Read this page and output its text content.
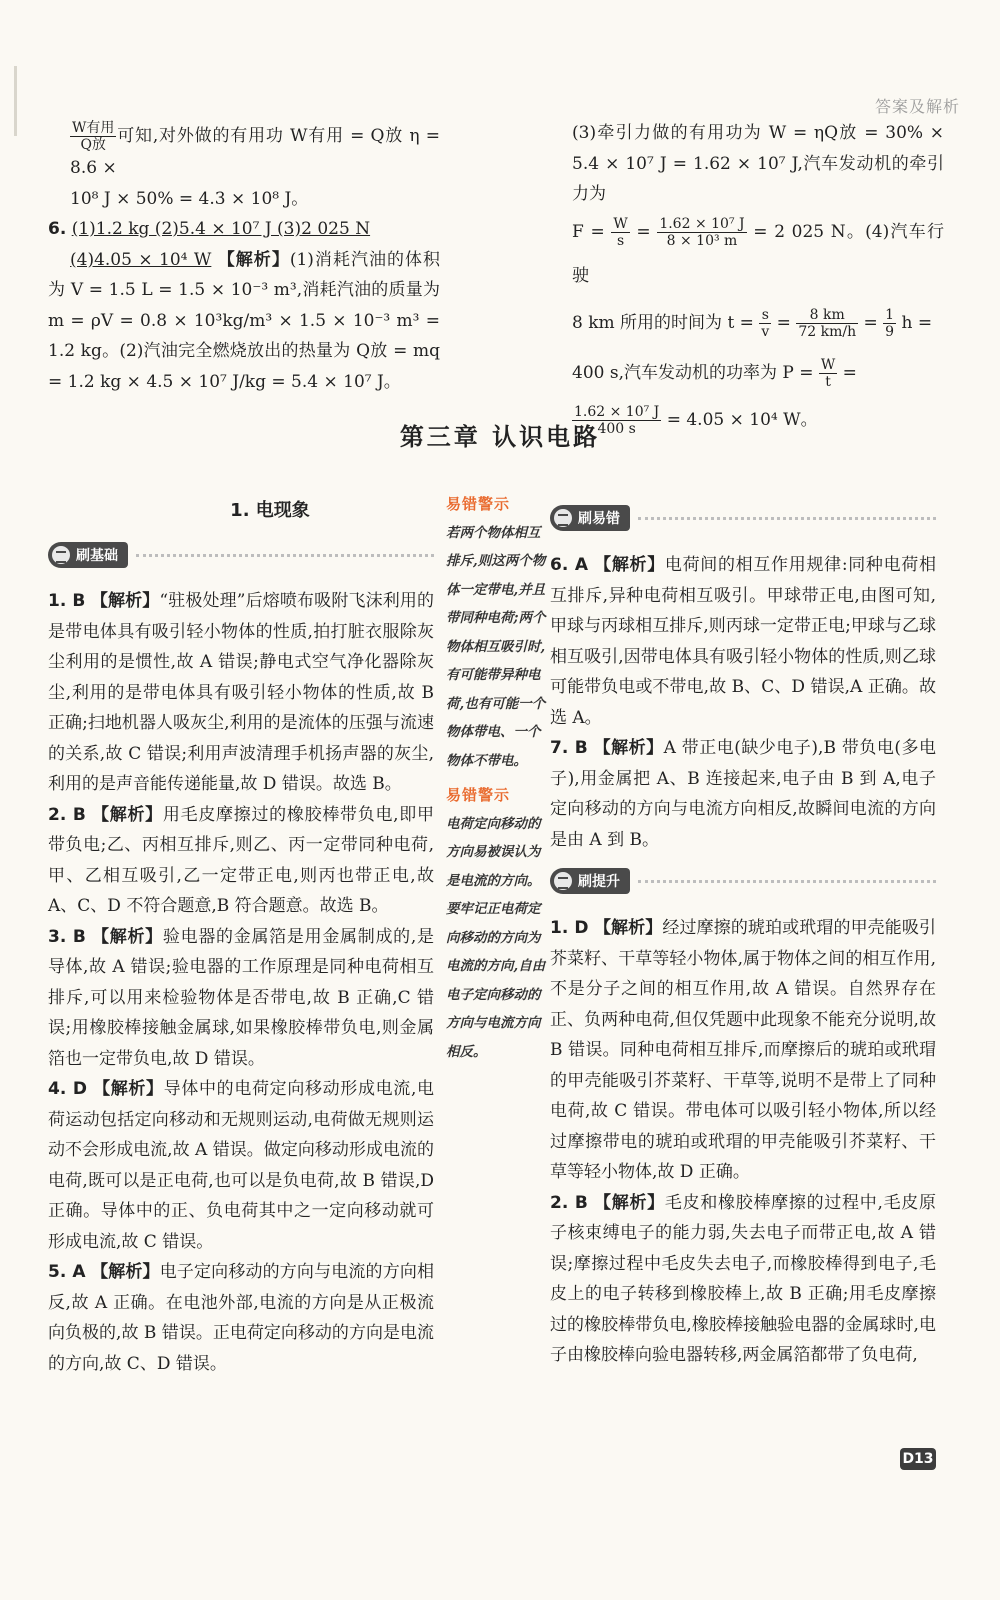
答案及解析

$\frac{\text{W有用}}{\text{Q放}}$ 可知,对外做的有用功 W有用 = Q放 η = 8.6 ×

10⁸ J × 50% = 4.3 × 10⁸ J。

6. (1)1.2 kg (2)5.4 × 10⁷ J (3)2 025 N
(4)4.05 × 10⁴ W 【解析】(1)消耗汽油的体积为 V = 1.5 L = 1.5 × 10⁻³ m³,消耗汽油的质量为 m = ρV = 0.8 × 10³kg/m³ × 1.5 × 10⁻³ m³ = 1.2 kg。(2)汽油完全燃烧放出的热量为 Q放 = mq = 1.2 kg × 4.5 × 10⁷ J/kg = 5.4 × 10⁷ J。

(3)牵引力做的有用功为 W = ηQ放 = 30% × 5.4 × 10⁷ J = 1.62 × 10⁷ J,汽车发动机的牵引力为

$F = \frac{W}{s} = \frac{\text{1.62 × 10⁷ J}}{\text{8 × 10³ m}} = 2$ 025 N。(4)汽车行驶

8 km 所用的时间为 $t = \frac{s}{v} = \frac{8 km}{72 km/h} = \frac{1}{9}$ h =

400 s,汽车发动机的功率为 $P = \frac{W}{t}$ =

$\frac{\text{1.62 × 10⁷ J}}{400 s} = 4.05 \times 10^4$ W。

第三章 认识电路
1. 电现象
刷基础
刷易错
刷提升

1. B 【解析】“驻极处理”后熔喷布吸附飞沫利用的是带电体具有吸引轻小物体的性质,拍打脏衣服除灰尘利用的是惯性,故 A 错误;静电式空气净化器除灰尘,利用的是带电体具有吸引轻小物体的性质,故 B 正确;扫地机器人吸灰尘,利用的是流体的压强与流速的关系,故 C 错误;利用声波清理手机扬声器的灰尘,利用的是声音能传递能量,故 D 错误。故选 B。

2. B 【解析】用毛皮摩擦过的橡胶棒带负电,即甲带负电;乙、丙相互排斥,则乙、丙一定带同种电荷,甲、乙相互吸引,乙一定带正电,则丙也带正电,故 A、C、D 不符合题意,B 符合题意。故选 B。

3. B 【解析】验电器的金属箔是用金属制成的,是导体,故 A 错误;验电器的工作原理是同种电荷相互排斥,可以用来检验物体是否带电,故 B 正确,C 错误;用橡胶棒接触金属球,如果橡胶棒带负电,则金属箔也一定带负电,故 D 错误。

4. D 【解析】导体中的电荷定向移动形成电流,电荷运动包括定向移动和无规则运动,电荷做无规则运动不会形成电流,故 A 错误。做定向移动形成电流的电荷,既可以是正电荷,也可以是负电荷,故 B 错误,D 正确。导体中的正、负电荷其中之一定向移动就可形成电流,故 C 错误。

5. A 【解析】电子定向移动的方向与电流的方向相反,故 A 正确。在电池外部,电流的方向是从正极流向负极的,故 B 错误。正电荷定向移动的方向是电流的方向,故 C、D 错误。

易错警示

若两个物体相互排斥,则这两个物体一定带电,并且带同种电荷;两个物体相互吸引时,有可能带异种电荷,也有可能一个物体带电、一个物体不带电。

易错警示

电荷定向移动的方向易被误认为是电流的方向。要牢记正电荷定向移动的方向为电流的方向,自由电子定向移动的方向与电流方向相反。

6. A 【解析】电荷间的相互作用规律:同种电荷相互排斥,异种电荷相互吸引。甲球带正电,由图可知,甲球与丙球相互排斥,则丙球一定带正电;甲球与乙球相互吸引,因带电体具有吸引轻小物体的性质,则乙球可能带负电或不带电,故 B、C、D 错误,A 正确。故选 A。

7. B 【解析】A 带正电(缺少电子),B 带负电(多电子),用金属把 A、B 连接起来,电子由 B 到 A,电子定向移动的方向与电流方向相反,故瞬间电流的方向是由 A 到 B。

1. D 【解析】经过摩擦的琥珀或玳瑁的甲壳能吸引芥菜籽、干草等轻小物体,属于物体之间的相互作用,不是分子之间的相互作用,故 A 错误。自然界存在正、负两种电荷,但仅凭题中此现象不能充分说明,故 B 错误。同种电荷相互排斥,而摩擦后的琥珀或玳瑁的甲壳能吸引芥菜籽、干草等,说明不是带上了同种电荷,故 C 错误。带电体可以吸引轻小物体,所以经过摩擦带电的琥珀或玳瑁的甲壳能吸引芥菜籽、干草等轻小物体,故 D 正确。

2. B 【解析】毛皮和橡胶棒摩擦的过程中,毛皮原子核束缚电子的能力弱,失去电子而带正电,故 A 错误;摩擦过程中毛皮失去电子,而橡胶棒得到电子,毛皮上的电子转移到橡胶棒上,故 B 正确;用毛皮摩擦过的橡胶棒带负电,橡胶棒接触验电器的金属球时,电子由橡胶棒向验电器转移,两金属箔都带了负电荷,

D13
